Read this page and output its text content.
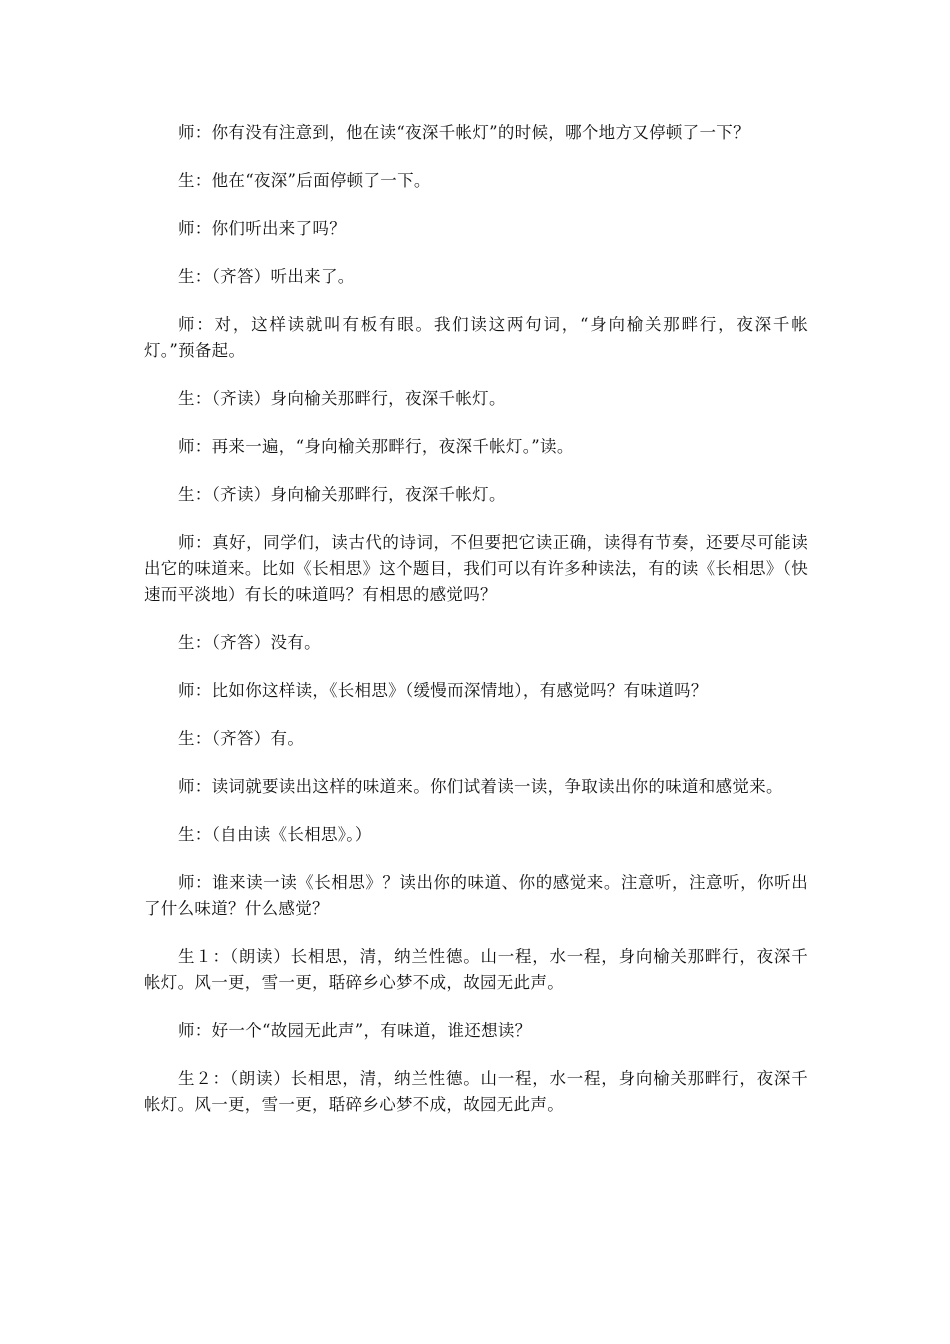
师：你有没有注意到，他在读“夜深千帐灯”的时候，哪个地方又停顿了一下？

生：他在“夜深”后面停顿了一下。

师：你们听出来了吗？

生：（齐答）听出来了。

师：对，这样读就叫有板有眼。我们读这两句词，“身向榆关那畔行，夜深千帐灯。”预备起。

生：（齐读）身向榆关那畔行，夜深千帐灯。

师：再来一遍，“身向榆关那畔行，夜深千帐灯。”读。

生：（齐读）身向榆关那畔行，夜深千帐灯。

师：真好，同学们，读古代的诗词，不但要把它读正确，读得有节奏，还要尽可能读出它的味道来。比如《长相思》这个题目，我们可以有许多种读法，有的读《长相思》（快速而平淡地）有长的味道吗？有相思的感觉吗？

生：（齐答）没有。

师：比如你这样读，《长相思》（缓慢而深情地），有感觉吗？有味道吗？

生：（齐答）有。

师：读词就要读出这样的味道来。你们试着读一读，争取读出你的味道和感觉来。

生：（自由读《长相思》。）

师：谁来读一读《长相思》？读出你的味道、你的感觉来。注意听，注意听，你听出了什么味道？什么感觉？

生１：（朗读）长相思，清，纳兰性德。山一程，水一程，身向榆关那畔行，夜深千帐灯。风一更，雪一更，聒碎乡心梦不成，故园无此声。

师：好一个“故园无此声”，有味道，谁还想读？

生２：（朗读）长相思，清，纳兰性德。山一程，水一程，身向榆关那畔行，夜深千帐灯。风一更，雪一更，聒碎乡心梦不成，故园无此声。
